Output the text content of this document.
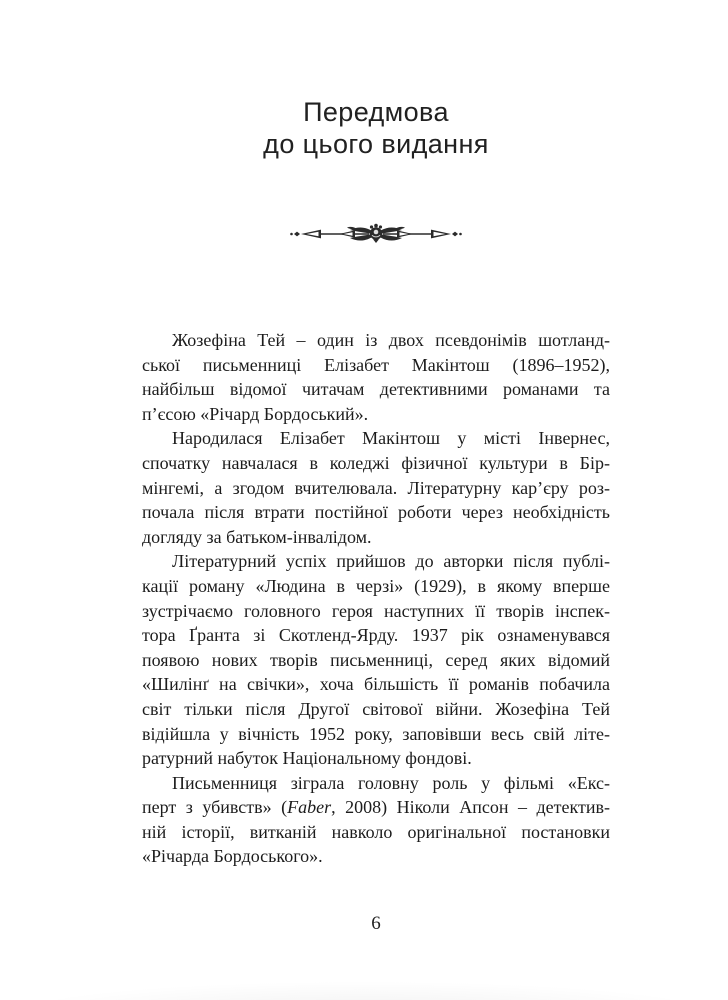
Передмова
до цього видання

Жозефіна Тей – один із двох псевдонімів шотланд-
ської письменниці Елізабет Макінтош (1896–1952),
найбільш відомої читачам детективними романами та
п’єсою «Річард Бордоський».

Народилася Елізабет Макінтош у місті Інвернес,
спочатку навчалася в коледжі фізичної культури в Бір-
мінгемі, а згодом вчителювала. Літературну кар’єру роз-
почала після втрати постійної роботи через необхідність
догляду за батьком-інвалідом.

Літературний успіх прийшов до авторки після публі-
кації роману «Людина в черзі» (1929), в якому вперше
зустрічаємо головного героя наступних її творів інспек-
тора Ґранта зі Скотленд-Ярду. 1937 рік ознаменувався
появою нових творів письменниці, серед яких відомий
«Шилінґ на свічки», хоча більшість її романів побачила
світ тільки після Другої світової війни. Жозефіна Тей
відійшла у вічність 1952 року, заповівши весь свій літе-
ратурний набуток Національному фондові.

Письменниця зіграла головну роль у фільмі «Екс-
перт з убивств» (Faber, 2008) Ніколи Апсон – детектив-
ній історії, витканій навколо оригінальної постановки
«Річарда Бордоського».

6
